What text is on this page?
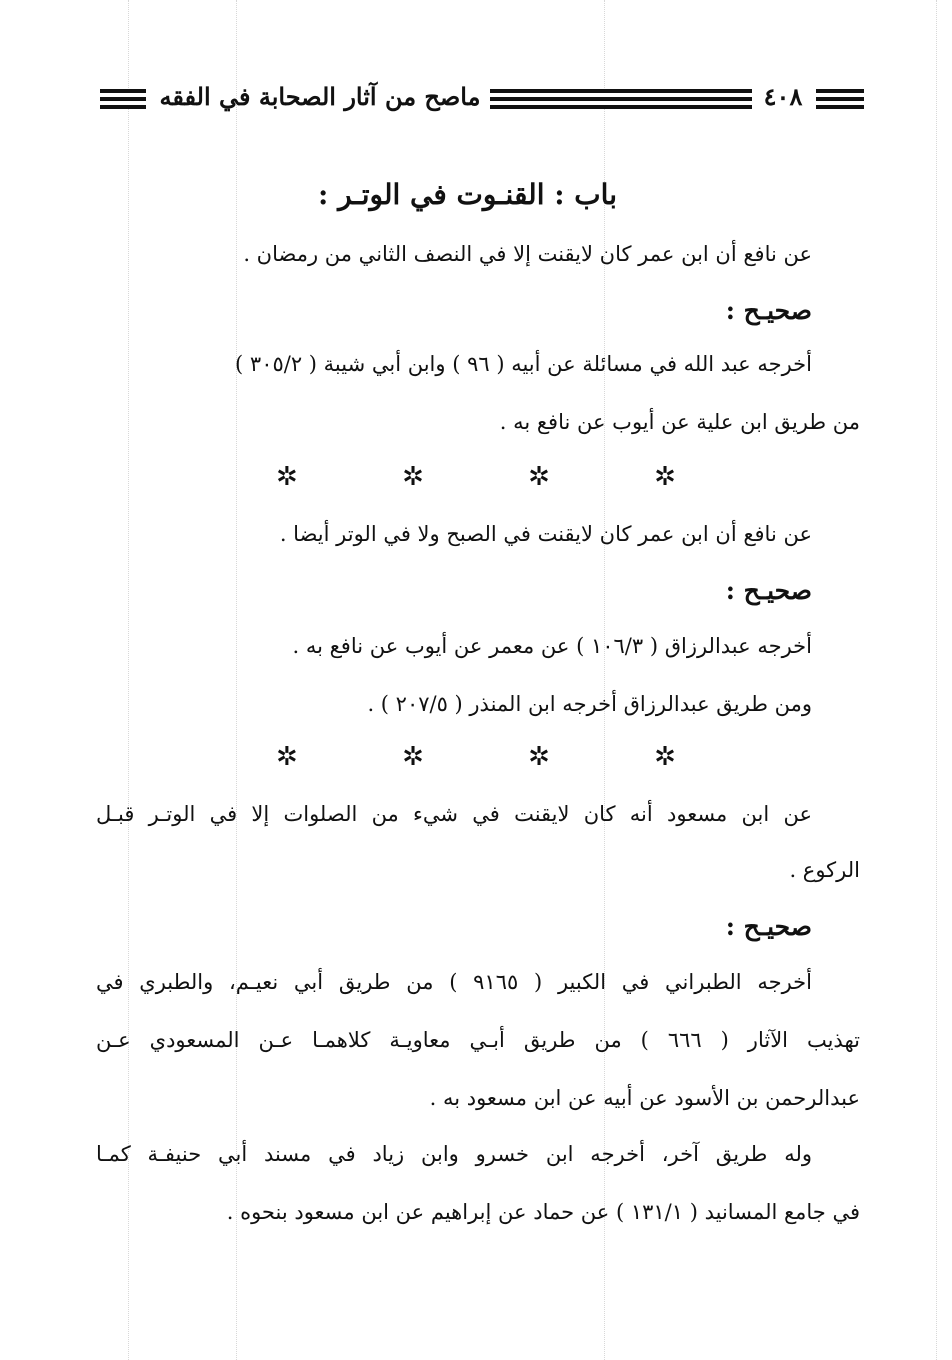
٤٠٨
ماصح من آثار الصحابة في الفقه
باب : القنـوت في الوتـر :
عن نافع أن ابن عمر كان لايقنت إلا في النصف الثاني من رمضان .
صحيـح :
أخرجه عبد الله في مسائلة عن أبيه ( ٩٦ ) وابن أبي شيبة ( ٣٠٥/٢ )
من طريق ابن علية عن أيوب عن نافع به .
✲ ✲ ✲ ✲
عن نافع أن ابن عمر كان لايقنت في الصبح ولا في الوتر أيضا .
صحيـح :
أخرجه عبدالرزاق ( ١٠٦/٣ ) عن معمر عن أيوب عن نافع به .
ومن طريق عبدالرزاق أخرجه ابن المنذر ( ٢٠٧/٥ ) .
✲ ✲ ✲ ✲
عن ابن مسعود أنه كان لايقنت في شيء من الصلوات إلا في الوتـر قبـل
الركوع .
صحيـح :
أخرجه الطبراني في الكبير ( ٩١٦٥ ) من طريق أبي نعيـم، والطبري في
تهذيب الآثار ( ٦٦٦ ) من طريق أبـي معاويـة كلاهمـا عـن المسعودي عـن
عبدالرحمن بن الأسود عن أبيه عن ابن مسعود به .
وله طريق آخر، أخرجه ابن خسرو وابن زياد في مسند أبي حنيفـة كمـا
في جامع المسانيد ( ١٣١/١ ) عن حماد عن إبراهيم عن ابن مسعود بنحوه .
